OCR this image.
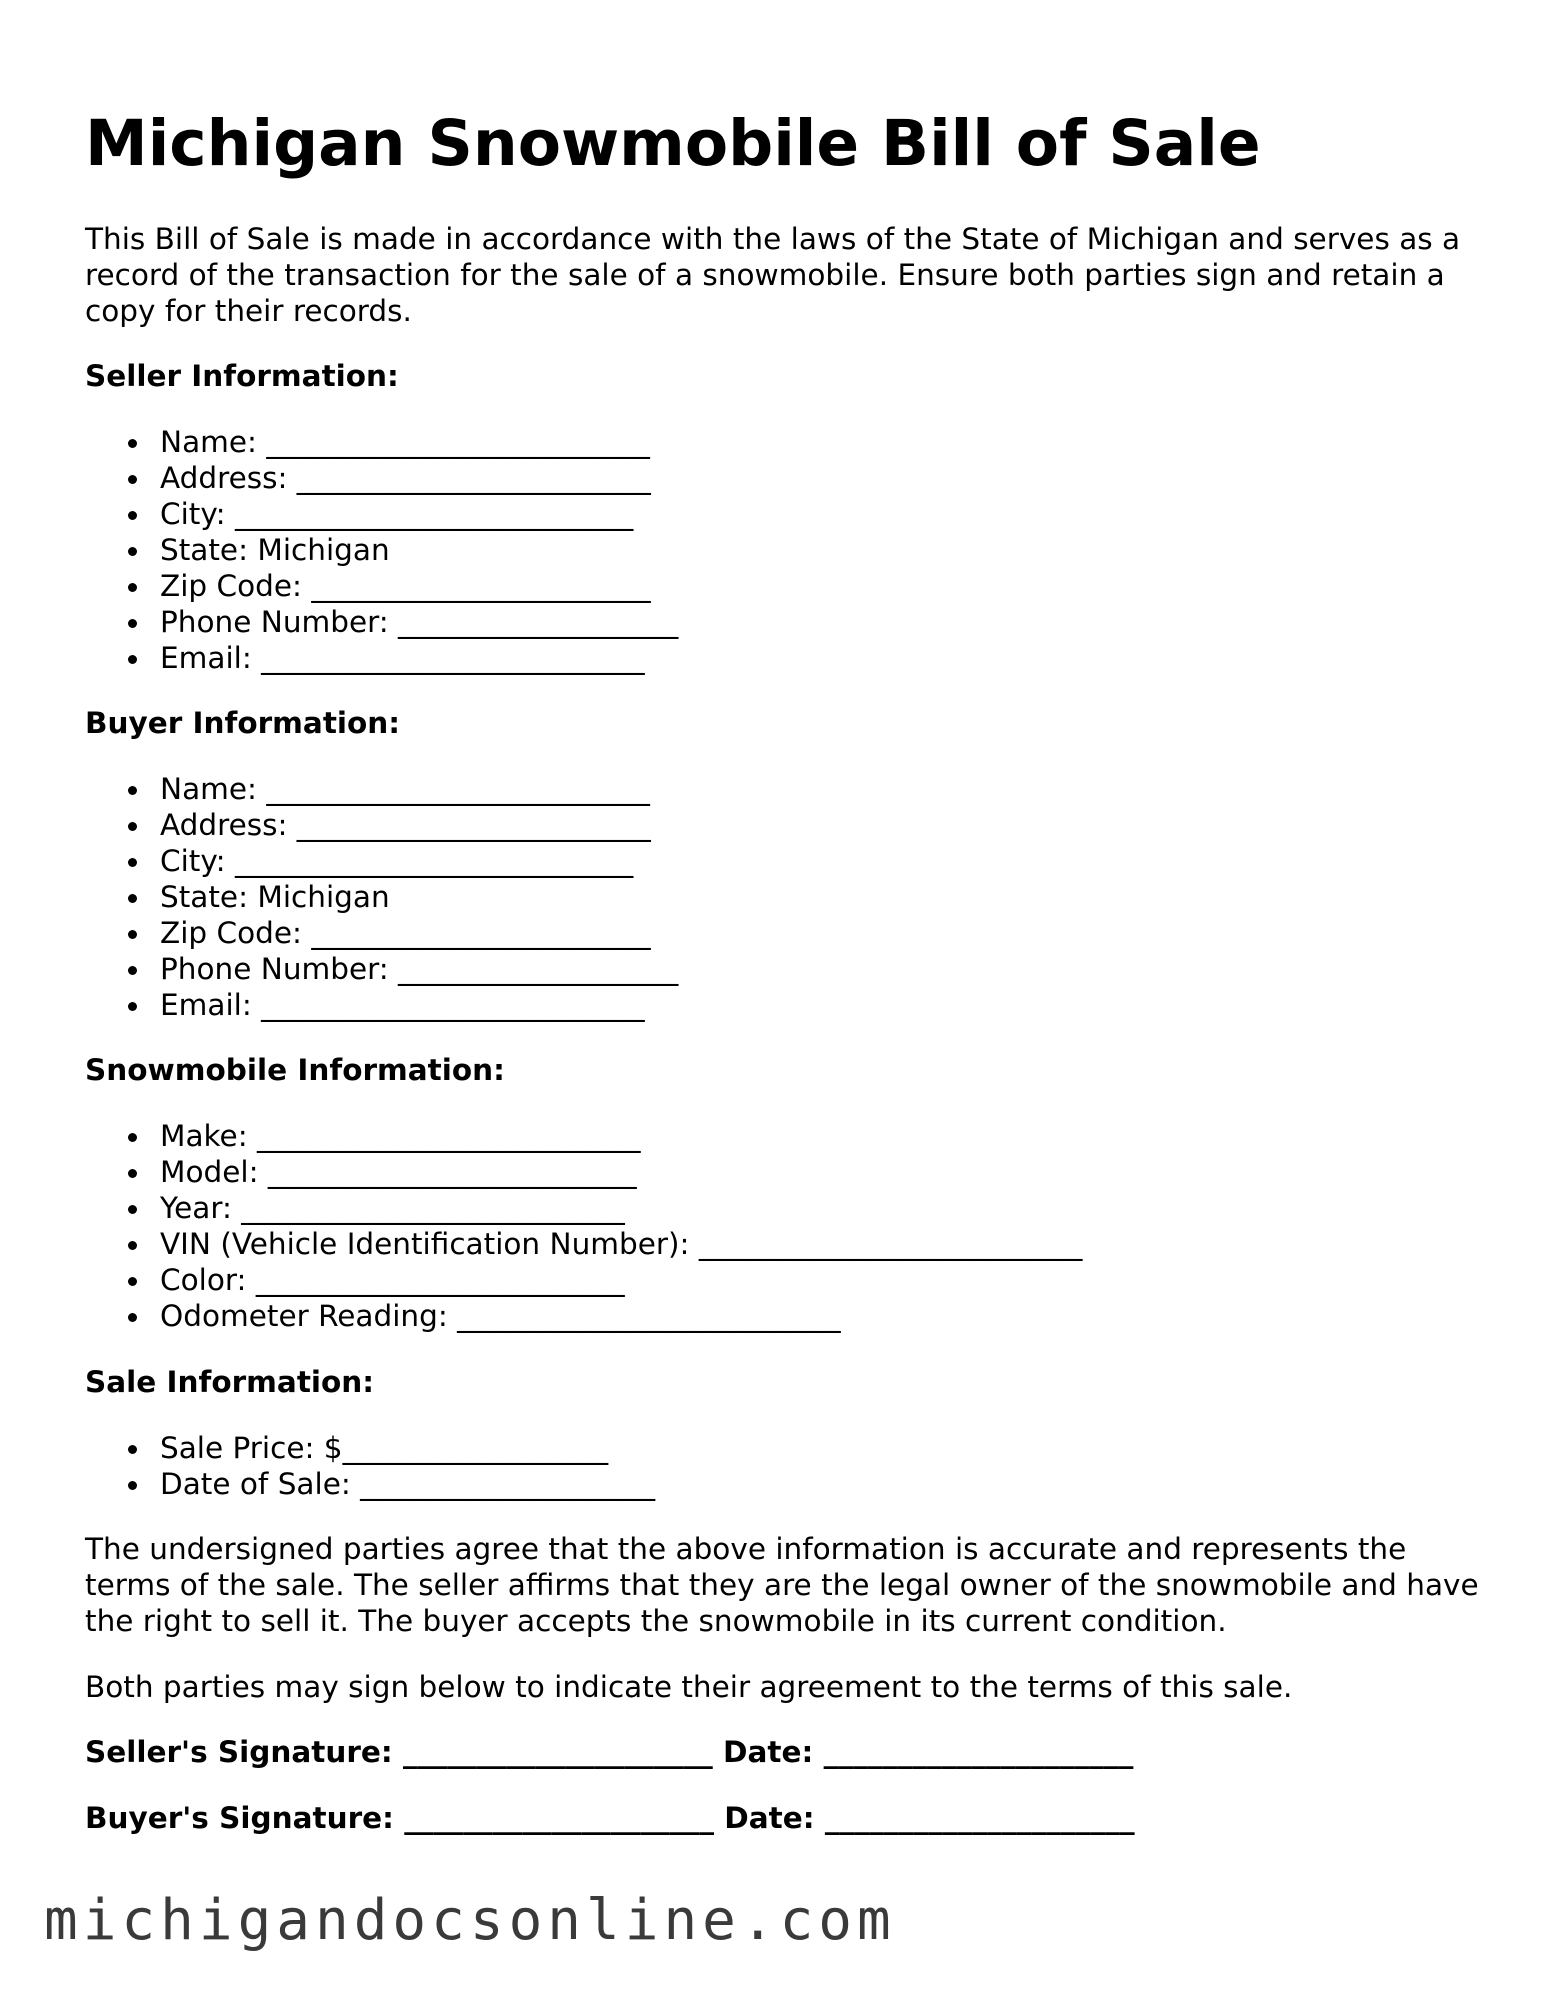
Michigan Snowmobile Bill of Sale

This Bill of Sale is made in accordance with the laws of the State of Michigan and serves as a record of the transaction for the sale of a snowmobile. Ensure both parties sign and retain a copy for their records.

Seller Information:
Name: __________________________
Address: ________________________
City: ___________________________
State: Michigan
Zip Code: _______________________
Phone Number: ___________________
Email: __________________________
Buyer Information:
Name: __________________________
Address: ________________________
City: ___________________________
State: Michigan
Zip Code: _______________________
Phone Number: ___________________
Email: __________________________
Snowmobile Information:
Make: __________________________
Model: _________________________
Year: __________________________
VIN (Vehicle Identification Number): __________________________
Color: _________________________
Odometer Reading: __________________________
Sale Information:
Sale Price: $__________________
Date of Sale: ____________________

The undersigned parties agree that the above information is accurate and represents the terms of the sale. The seller affirms that they are the legal owner of the snowmobile and have the right to sell it. The buyer accepts the snowmobile in its current condition.

Both parties may sign below to indicate their agreement to the terms of this sale.

Seller's Signature: _____________________ Date: _____________________
Buyer's Signature: _____________________ Date: _____________________
michigandocsonline.com
